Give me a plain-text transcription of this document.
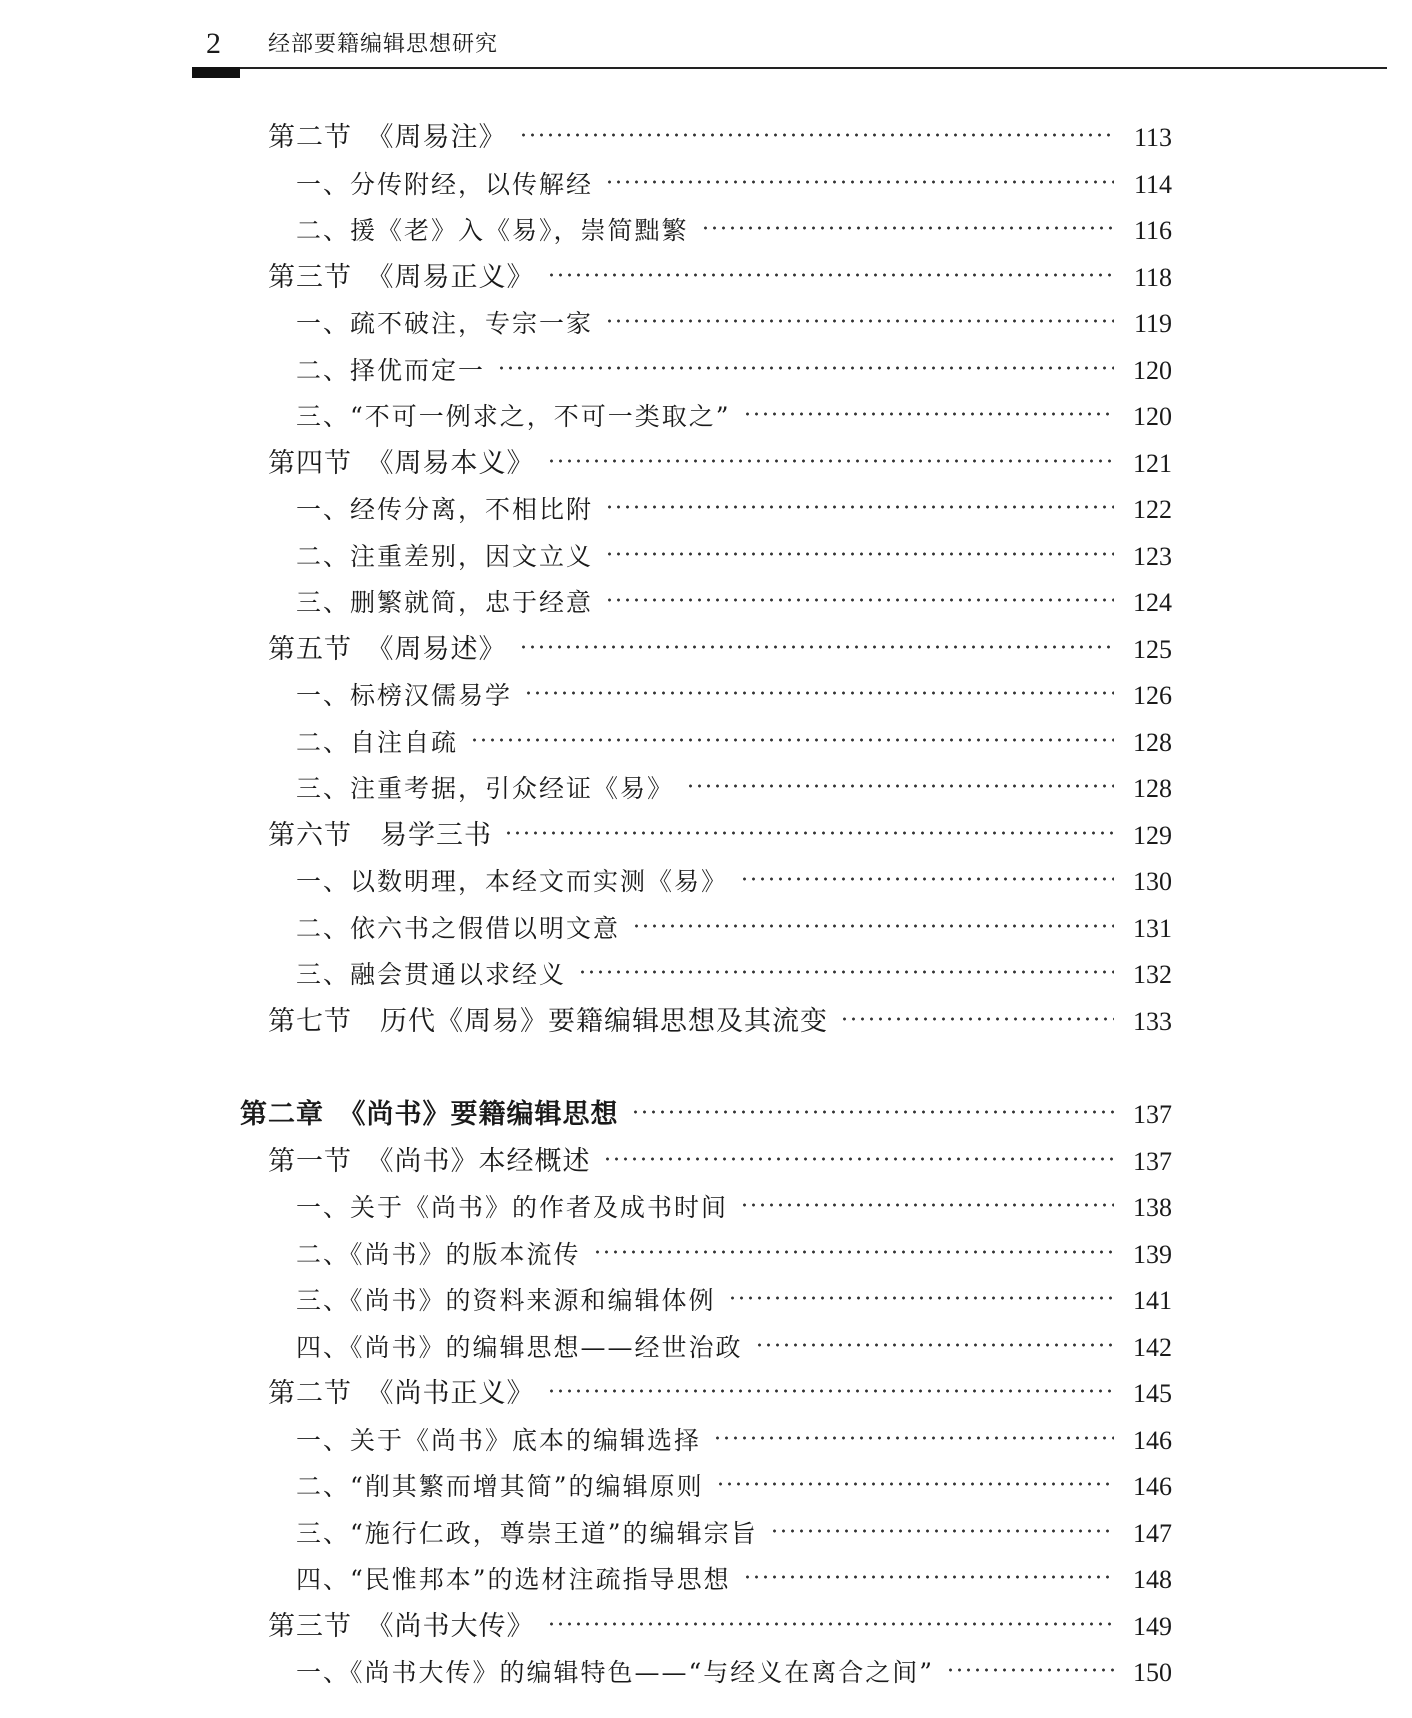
2 经部要籍编辑思想研究
第二节　《周易注》	113
一、分传附经，以传解经	114
二、援《老》入《易》，崇简黜繁	116
第三节　《周易正义》	118
一、疏不破注，专宗一家	119
二、择优而定一	120
三、“不可一例求之，不可一类取之”	120
第四节　《周易本义》	121
一、经传分离，不相比附	122
二、注重差别，因文立义	123
三、删繁就简，忠于经意	124
第五节　《周易述》	125
一、标榜汉儒易学	126
二、自注自疏	128
三、注重考据，引众经证《易》	128
第六节　易学三书	129
一、以数明理，本经文而实测《易》	130
二、依六书之假借以明文意	131
三、融会贯通以求经义	132
第七节　历代《周易》要籍编辑思想及其流变	133
第二章　《尚书》要籍编辑思想	137
第一节　《尚书》本经概述	137
一、关于《尚书》的作者及成书时间	138
二、《尚书》的版本流传	139
三、《尚书》的资料来源和编辑体例	141
四、《尚书》的编辑思想——经世治政	142
第二节　《尚书正义》	145
一、关于《尚书》底本的编辑选择	146
二、“削其繁而增其简”的编辑原则	146
三、“施行仁政，尊崇王道”的编辑宗旨	147
四、“民惟邦本”的选材注疏指导思想	148
第三节　《尚书大传》	149
一、《尚书大传》的编辑特色——“与经义在离合之间”	150
